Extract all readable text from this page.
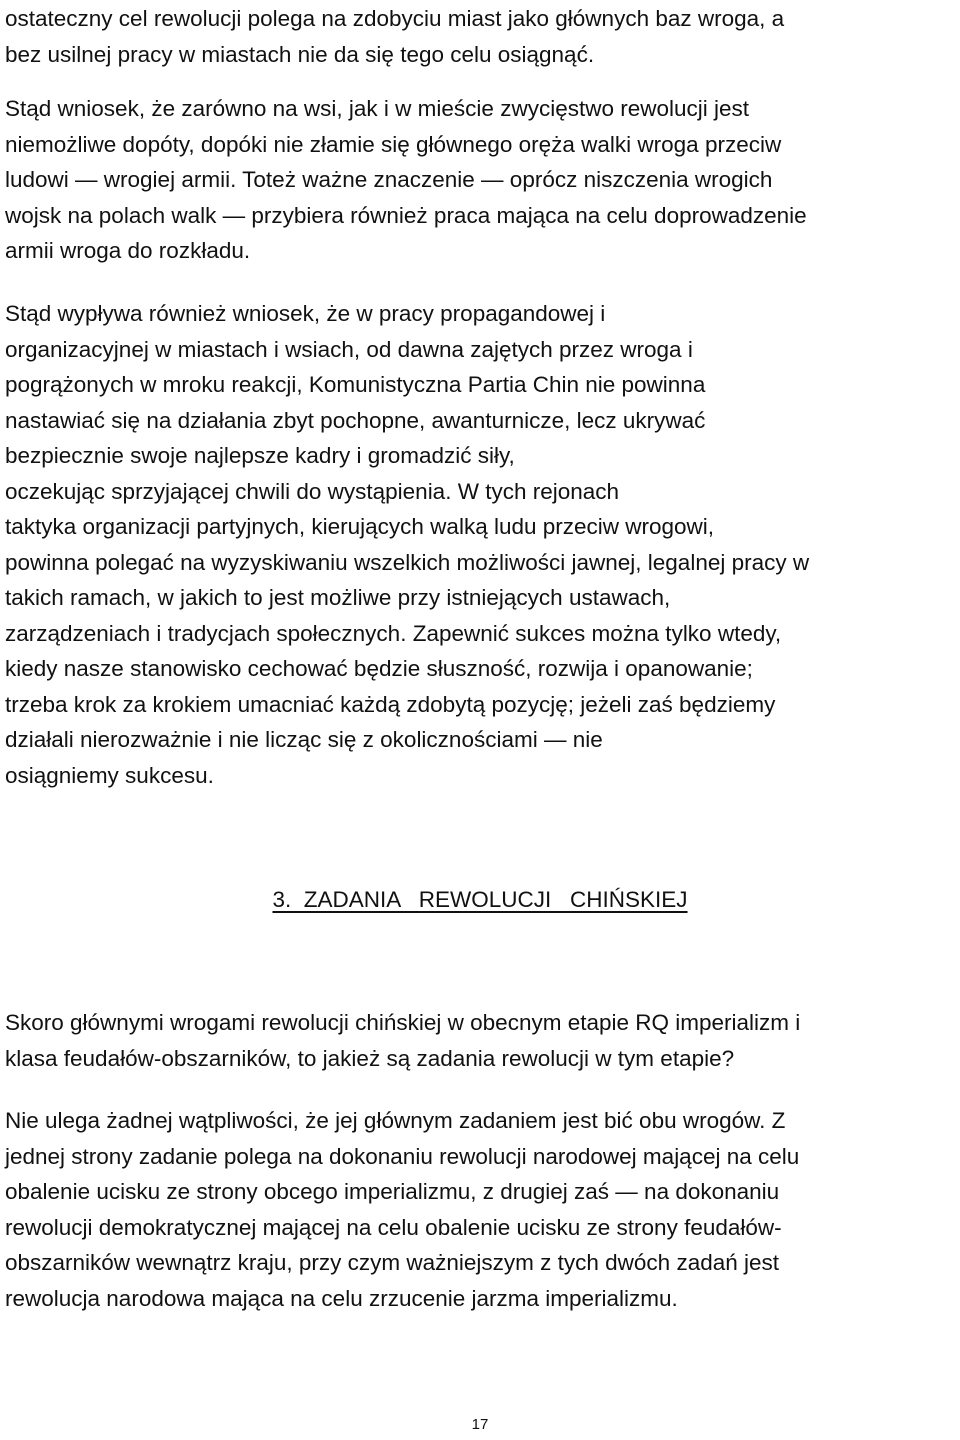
ostateczny cel rewolucji polega na zdobyciu miast jako głównych baz wroga, a
bez usilnej pracy w miastach nie da się tego celu osiągnąć.
Stąd wniosek, że zarówno na wsi, jak i w mieście zwycięstwo rewolucji jest
niemożliwe dopóty, dopóki nie złamie się głównego oręża walki wroga przeciw
ludowi — wrogiej armii. Toteż ważne znaczenie — oprócz niszczenia wrogich
wojsk na polach walk — przybiera również praca mająca na celu doprowadzenie
armii wroga do rozkładu.
Stąd wypływa również wniosek, że w pracy propagandowej i
organizacyjnej w miastach i wsiach, od dawna zajętych przez wroga i
pogrążonych w mroku reakcji, Komunistyczna Partia Chin nie powinna
nastawiać się na działania zbyt pochopne, awanturnicze, lecz ukrywać
bezpiecznie swoje najlepsze kadry i gromadzić siły,
oczekując sprzyjającej chwili do wystąpienia. W tych rejonach
taktyka organizacji partyjnych, kierujących walką ludu przeciw wrogowi,
powinna polegać na wyzyskiwaniu wszelkich możliwości jawnej, legalnej pracy w
takich ramach, w jakich to jest możliwe przy istniejących ustawach,
zarządzeniach i tradycjach społecznych. Zapewnić sukces można tylko wtedy,
kiedy nasze stanowisko cechować będzie słuszność, rozwija i opanowanie;
trzeba krok za krokiem umacniać każdą zdobytą pozycję; jeżeli zaś będziemy
działali nierozważnie i nie licząc się z okolicznościami — nie
osiągniemy sukcesu.
3.  ZADANIA   REWOLUCJI   CHIŃSKIEJ
Skoro głównymi wrogami rewolucji chińskiej w obecnym etapie RQ imperializm i
klasa feudałów-obszarników, to jakież są zadania rewolucji w tym etapie?
Nie ulega żadnej wątpliwości, że jej głównym zadaniem jest bić obu wrogów. Z
jednej strony zadanie polega na dokonaniu rewolucji narodowej mającej na celu
obalenie ucisku ze strony obcego imperializmu, z drugiej zaś — na dokonaniu
rewolucji demokratycznej mającej na celu obalenie ucisku ze strony feudałów-
obszarników wewnątrz kraju, przy czym ważniejszym z tych dwóch zadań jest
rewolucja narodowa mająca na celu zrzucenie jarzma imperializmu.
17
